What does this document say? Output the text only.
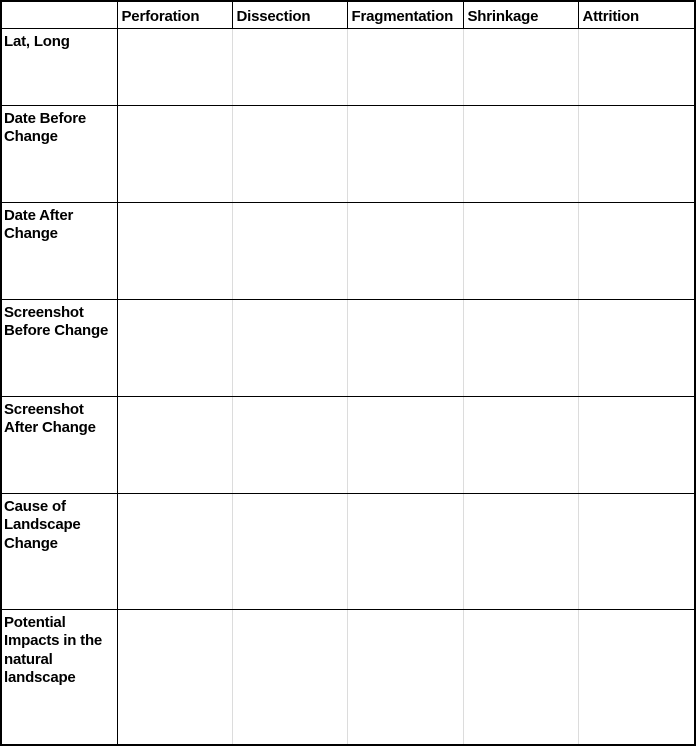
	Perforation	Dissection	Fragmentation	Shrinkage	Attrition
Lat, Long					
Date Before Change					
Date After Change					
Screenshot Before Change					
Screenshot After Change					
Cause of Landscape Change					
Potential Impacts in the natural landscape					
